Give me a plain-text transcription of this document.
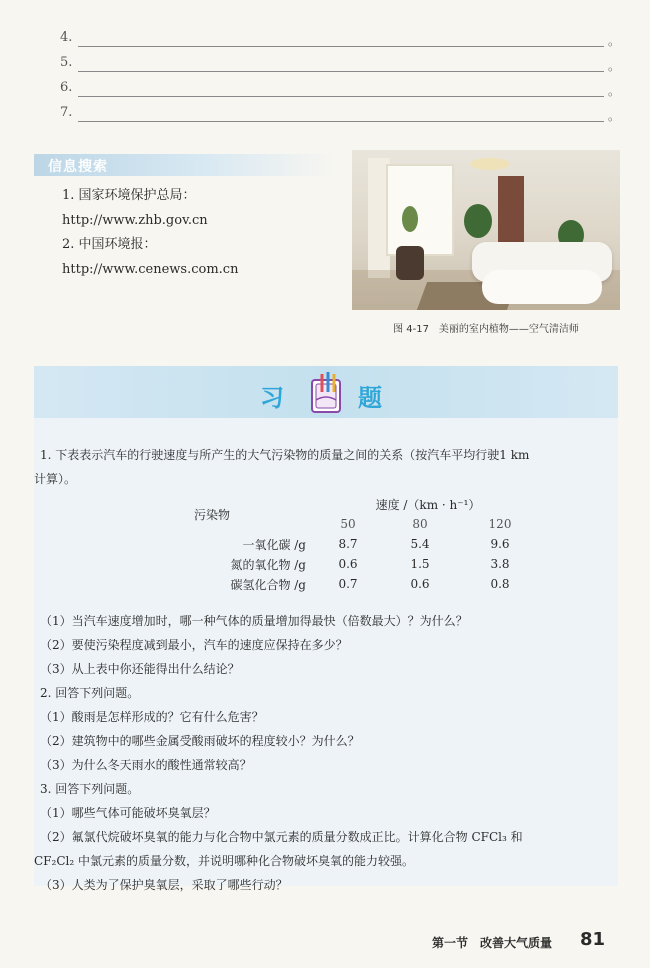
4.	。
5.	。
6.	。
7.	。
信息搜索
1. 国家环境保护总局：
http://www.zhb.gov.cn
2. 中国环境报：
http://www.cenews.com.cn
图 4-17　美丽的室内植物——空气清洁师
习	题
1. 下表表示汽车的行驶速度与所产生的大气污染物的质量之间的关系（按汽车平均行驶1 km
计算）。
污染物	速度 /（km · h⁻¹）		
	50	80	120
一氧化碳 /g	8.7	5.4	9.6
氮的氧化物 /g	0.6	1.5	3.8
碳氢化合物 /g	0.7	0.6	0.8
（1）当汽车速度增加时，哪一种气体的质量增加得最快（倍数最大）？为什么？
（2）要使污染程度减到最小，汽车的速度应保持在多少？
（3）从上表中你还能得出什么结论？
2. 回答下列问题。
（1）酸雨是怎样形成的？它有什么危害？
（2）建筑物中的哪些金属受酸雨破坏的程度较小？为什么？
（3）为什么冬天雨水的酸性通常较高？
3. 回答下列问题。
（1）哪些气体可能破坏臭氧层？
（2）氟氯代烷破坏臭氧的能力与化合物中氯元素的质量分数成正比。计算化合物 CFCl₃ 和
CF₂Cl₂ 中氯元素的质量分数，并说明哪种化合物破坏臭氧的能力较强。
（3）人类为了保护臭氧层，采取了哪些行动？
第一节　改善大气质量 81
